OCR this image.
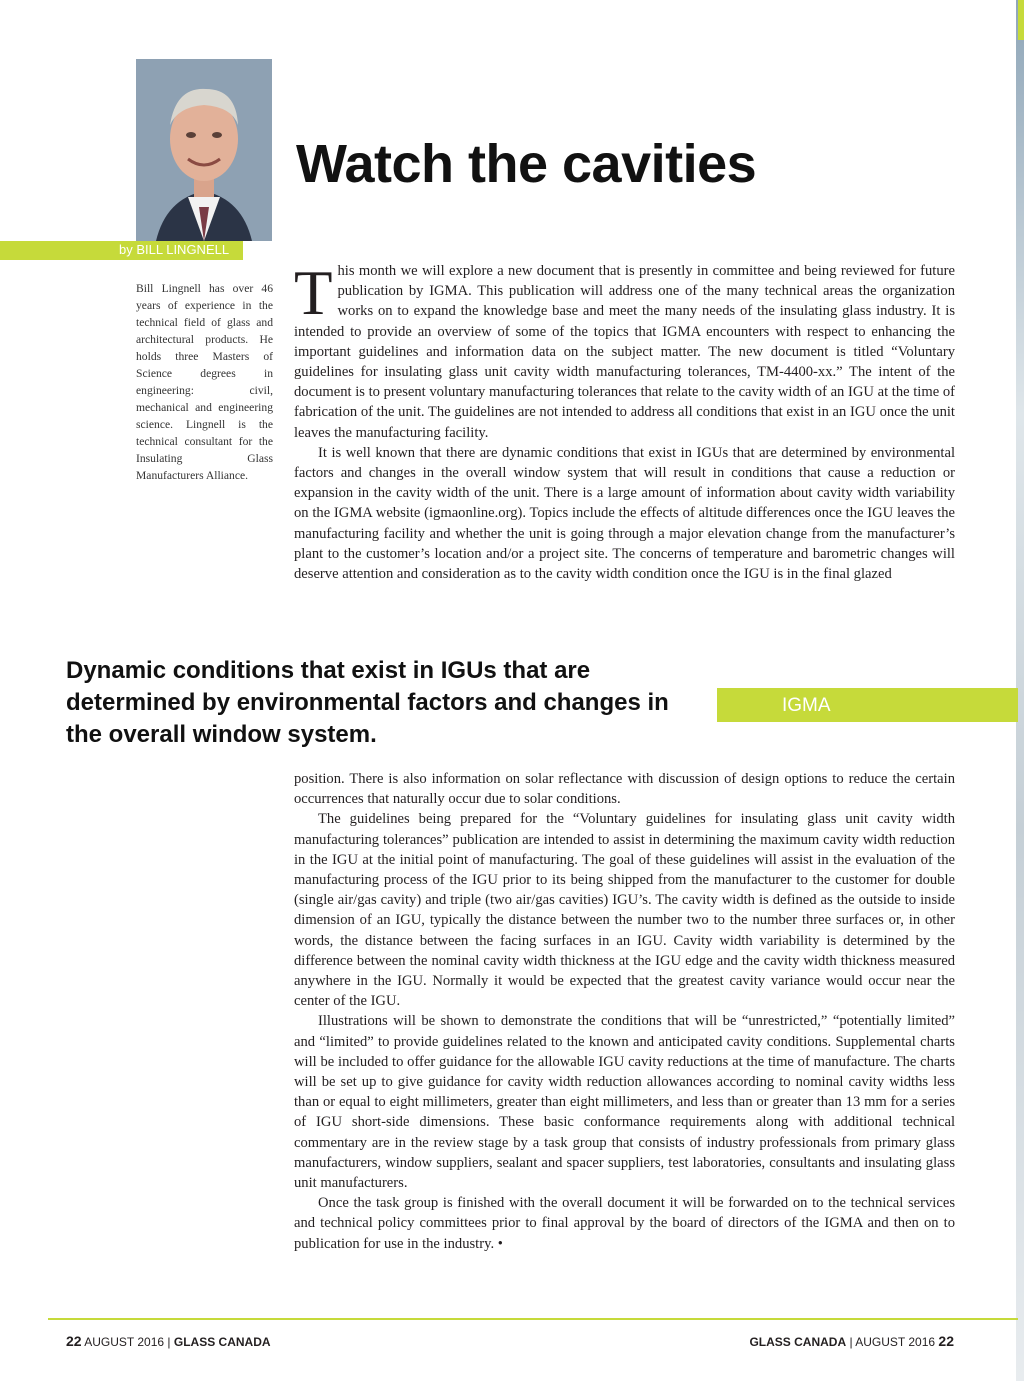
by BILL LINGNELL
Watch the cavities
Bill Lingnell has over 46 years of experience in the technical field of glass and architectural products. He holds three Masters of Science degrees in engineering: civil, mechanical and engineering science. Lingnell is the technical consultant for the Insulating Glass Manufacturers Alliance.

This month we will explore a new document that is presently in committee and being reviewed for future publication by IGMA. This publication will address one of the many technical areas the organization works on to expand the knowledge base and meet the many needs of the insulating glass industry. It is intended to provide an overview of some of the topics that IGMA encounters with respect to enhancing the important guidelines and information data on the subject matter. The new document is titled “Voluntary guidelines for insulating glass unit cavity width manufacturing tolerances, TM-4400-xx.” The intent of the document is to present voluntary manufacturing tolerances that relate to the cavity width of an IGU at the time of fabrication of the unit. The guidelines are not intended to address all conditions that exist in an IGU once the unit leaves the manufacturing facility.

It is well known that there are dynamic conditions that exist in IGUs that are determined by environmental factors and changes in the overall window system that will result in conditions that cause a reduction or expansion in the cavity width of the unit. There is a large amount of information about cavity width variability on the IGMA website (igmaonline.org). Topics include the effects of altitude differences once the IGU leaves the manufacturing facility and whether the unit is going through a major elevation change from the manufacturer’s plant to the customer’s location and/or a project site. The concerns of temperature and barometric changes will deserve attention and consideration as to the cavity width condition once the IGU is in the final glazed

Dynamic conditions that exist in IGUs that are determined by environmental factors and changes in the overall window system.

IGMA

position. There is also information on solar reflectance with discussion of design options to reduce the certain occurrences that naturally occur due to solar conditions.

The guidelines being prepared for the “Voluntary guidelines for insulating glass unit cavity width manufacturing tolerances” publication are intended to assist in determining the maximum cavity width reduction in the IGU at the initial point of manufacturing. The goal of these guidelines will assist in the evaluation of the manufacturing process of the IGU prior to its being shipped from the manufacturer to the customer for double (single air/gas cavity) and triple (two air/gas cavities) IGU’s. The cavity width is defined as the outside to inside dimension of an IGU, typically the distance between the number two to the number three surfaces or, in other words, the distance between the facing surfaces in an IGU. Cavity width variability is determined by the difference between the nominal cavity width thickness at the IGU edge and the cavity width thickness measured anywhere in the IGU. Normally it would be expected that the greatest cavity variance would occur near the center of the IGU.

Illustrations will be shown to demonstrate the conditions that will be “unrestricted,” “potentially limited” and “limited” to provide guidelines related to the known and anticipated cavity conditions. Supplemental charts will be included to offer guidance for the allowable IGU cavity reductions at the time of manufacture. The charts will be set up to give guidance for cavity width reduction allowances according to nominal cavity widths less than or equal to eight millimeters, greater than eight millimeters, and less than or greater than 13 mm for a series of IGU short-side dimensions. These basic conformance requirements along with additional technical commentary are in the review stage by a task group that consists of industry professionals from primary glass manufacturers, window suppliers, sealant and spacer suppliers, test laboratories, consultants and insulating glass unit manufacturers.

Once the task group is finished with the overall document it will be forwarded on to the technical services and technical policy committees prior to final approval by the board of directors of the IGMA and then on to publication for use in the industry. •

22 AUGUST 2016 | GLASS CANADA	GLASS CANADA | AUGUST 2016 22
